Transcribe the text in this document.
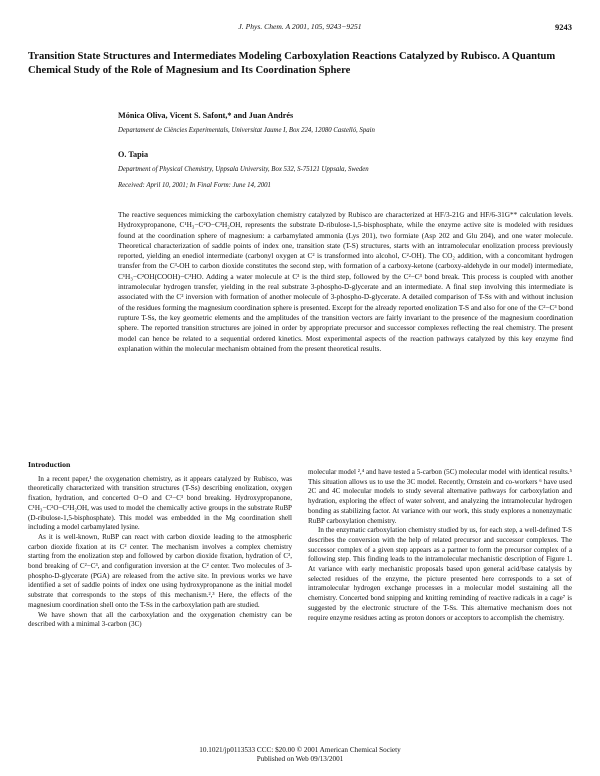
J. Phys. Chem. A 2001, 105, 9243−9251	9243
Transition State Structures and Intermediates Modeling Carboxylation Reactions Catalyzed by Rubisco. A Quantum Chemical Study of the Role of Magnesium and Its Coordination Sphere
Mónica Oliva, Vicent S. Safont,* and Juan Andrés
Departament de Ciències Experimentals, Universitat Jaume I, Box 224, 12080 Castelló, Spain
O. Tapia
Department of Physical Chemistry, Uppsala University, Box 532, S-75121 Uppsala, Sweden
Received: April 10, 2001; In Final Form: June 14, 2001

The reactive sequences mimicking the carboxylation chemistry catalyzed by Rubisco are characterized at HF/3-21G and HF/6-31G** calculation levels. Hydroxypropanone, C¹H₃−C²O−C³H₂OH, represents the substrate D-ribulose-1,5-bisphosphate, while the enzyme active site is modeled with residues found at the coordination sphere of magnesium: a carbamylated ammonia (Lys 201), two formiate (Asp 202 and Glu 204), and one water molecule. Theoretical characterization of saddle points of index one, transition state (T-S) structures, starts with an intramolecular enolization process previously reported, yielding an enediol intermediate (carbonyl oxygen at C² is transformed into alcohol, C²-OH). The CO₂ addition, with a concomitant hydrogen transfer from the C³-OH to carbon dioxide constitutes the second step, with formation of a carboxy-ketone (carboxy-aldehyde in our model) intermediate, C¹H₃−C²OH(COOH)−C³HO. Adding a water molecule at C³ is the third step, followed by the C²−C³ bond break. This process is coupled with another intramolecular hydrogen transfer, yielding in the real substrate 3-phospho-D-glycerate and an intermediate. A final step involving this intermediate is associated with the C² inversion with formation of another molecule of 3-phospho-D-glycerate. A detailed comparison of T-Ss with and without inclusion of the residues forming the magnesium coordination sphere is presented. Except for the already reported enolization T-S and also for one of the C²−C³ bond rupture T-Ss, the key geometric elements and the amplitudes of the transition vectors are fairly invariant to the presence of the magnesium coordination sphere. The reported transition structures are joined in order by appropriate precursor and successor complexes reflecting the real chemistry. The present model can hence be related to a sequential ordered kinetics. Most experimental aspects of the reaction pathways catalyzed by this key enzyme find explanation within the molecular mechanism obtained from the present theoretical results.

Introduction

In a recent paper,¹ the oxygenation chemistry, as it appears catalyzed by Rubisco, was theoretically characterized with transition structures (T-Ss) describing enolization, oxygen fixation, hydration, and concerted O−O and C²−C³ bond breaking. Hydroxypropanone, C¹H₃−C²O−C³H₂OH, was used to model the chemically active groups in the substrate RuBP (D-ribulose-1,5-bisphosphate). This model was embedded in the Mg coordination shell including a model carbamylated lysine.

As it is well-known, RuBP can react with carbon dioxide leading to the atmospheric carbon dioxide fixation at its C² center. The mechanism involves a complex chemistry starting from the enolization step and followed by carbon dioxide fixation, hydration of C³, bond breaking of C²−C³, and configuration inversion at the C² center. Two molecules of 3-phospho-D-glycerate (PGA) are released from the active site. In previous works we have identified a set of saddle points of index one using hydroxypropanone as the initial model substrate that corresponds to the steps of this mechanism.²,³ Here, the effects of the magnesium coordination shell onto the T-Ss in the carboxylation path are studied.

We have shown that all the carboxylation and the oxygenation chemistry can be described with a minimal 3-carbon (3C)

molecular model ²,⁴ and have tested a 5-carbon (5C) molecular model with identical results.⁵ This situation allows us to use the 3C model. Recently, Ornstein and co-workers ⁶ have used 2C and 4C molecular models to study several alternative pathways for carboxylation and hydration, exploring the effect of water solvent, and analyzing the intramolecular hydrogen bonding as stabilizing factor. At variance with our work, this study explores a nonenzymatic RuBP carboxylation chemistry.

In the enzymatic carboxylation chemistry studied by us, for each step, a well-defined T-S describes the conversion with the help of related precursor and successor complexes. The successor complex of a given step appears as a partner to form the precursor complex of a following step. This finding leads to the intramolecular mechanistic description of Figure 1. At variance with early mechanistic proposals based upon general acid/base catalysis by selected residues of the enzyme, the picture presented here corresponds to a set of intramolecular hydrogen exchange processes in a molecular model sustaining all the chemistry. Concerted bond snipping and knitting reminding of reactive radicals in a cage⁷ is suggested by the electronic structure of the T-Ss. This alternative mechanism does not require enzyme residues acting as proton donors or acceptors to accomplish the chemistry.

10.1021/jp0113533 CCC: $20.00 © 2001 American Chemical Society
Published on Web 09/13/2001
